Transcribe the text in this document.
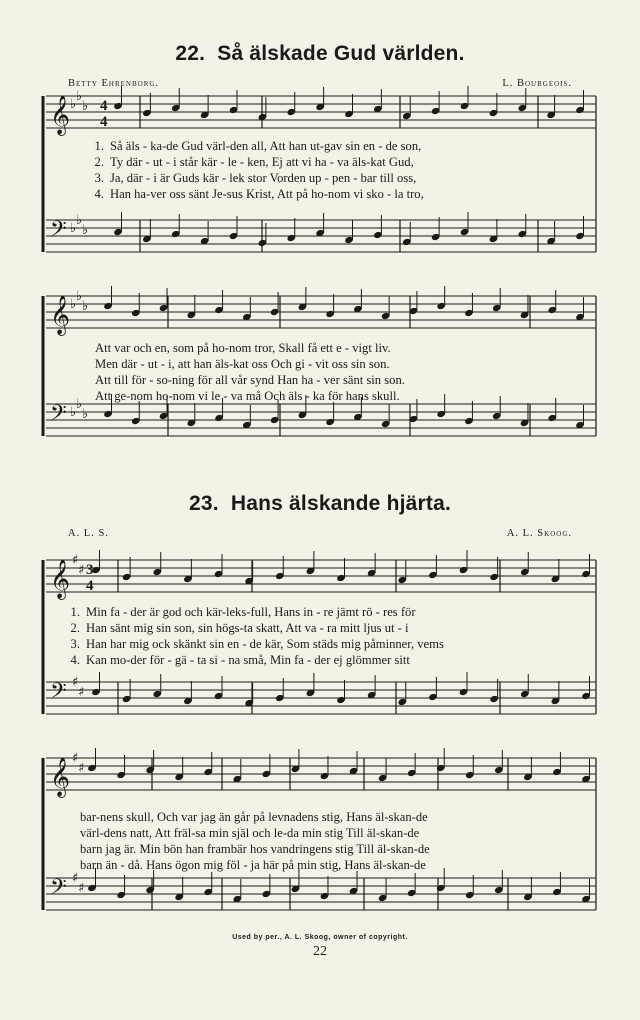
22. Så älskade Gud världen.
Betty Ehrenborg.	L. Bourgeois.
23. Hans älskande hjärta.
A. L. S.	A. L. Skoog.
𝄞
𝄢
♭
♭
♭
♭
♭
♭
4
4
𝄞
𝄢
♭
♭
♭
♭
♭
♭
𝄞
𝄢
♯
♯
♯
♯
3
4
𝄞
𝄢
♯
♯
♯
♯
1. Så äls - ka-de Gud värl-den all, Att han ut-gav sin en - de son,
2. Ty där - ut - i står kär - le - ken, Ej att vi ha - va äls-kat Gud,
3. Ja, där - i är Guds kär - lek stor Vorden up - pen - bar till oss,
4. Han ha-ver oss sänt Je-sus Krist, Att på ho-nom vi sko - la tro,
Att var och en, som på ho-nom tror, Skall få ett e - vigt liv.
Men där - ut - i, att han äls-kat oss Och gi - vit oss sin son.
Att till för - so-ning för all vår synd Han ha - ver sänt sin son.
Att ge-nom ho-nom vi le - va må Och äls - ka för hans skull.
1. Min fa - der är god och kär-leks-full, Hans in - re jämt rö - res för
2. Han sänt mig sin son, sin högs-ta skatt, Att va - ra mitt ljus ut - i
3. Han har mig ock skänkt sin en - de kär, Som städs mig påminner, vems
4. Kan mo-der för - gä - ta si - na små, Min fa - der ej glömmer sitt
bar-nens skull, Och var jag än går på levnadens stig, Hans äl-skan-de
värl-dens natt, Att fräl-sa min själ och le-da min stig Till äl-skan-de
barn jag är. Min bön han frambär hos vandringens stig Till äl-skan-de
barn än - då. Hans ögon mig föl - ja här på min stig, Hans äl-skan-de
Used by per., A. L. Skoog, owner of copyright.
22
